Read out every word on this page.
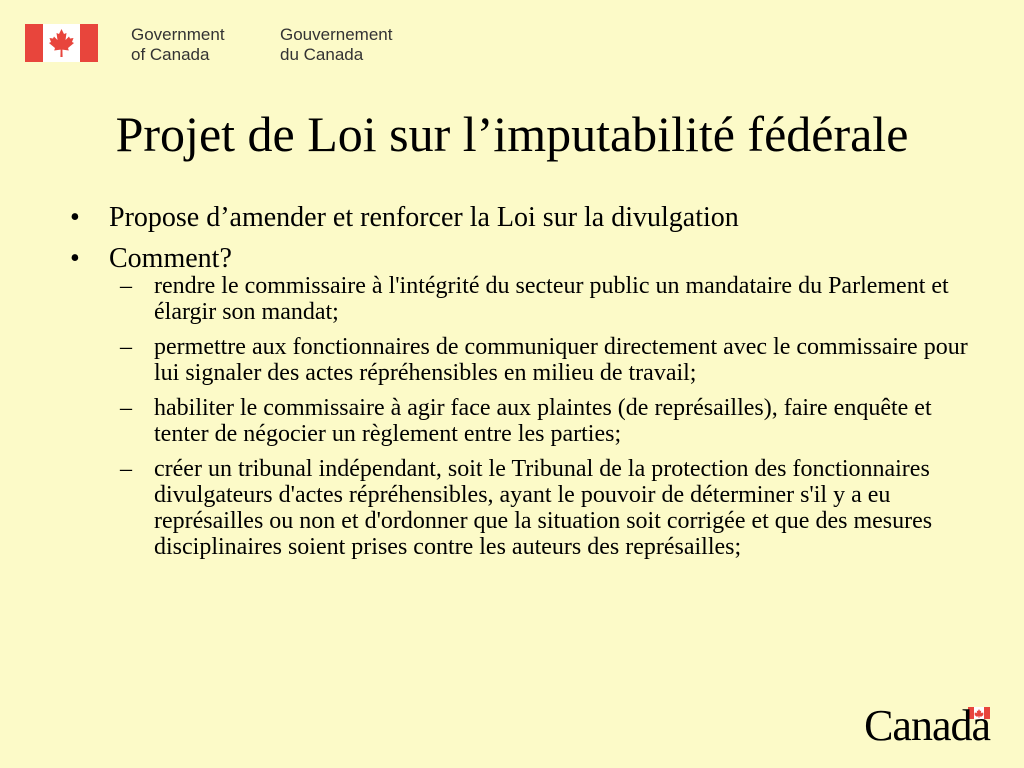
Government
of Canada
Gouvernement
du Canada
Projet de Loi sur l’imputabilité fédérale
•	Propose d’amender et renforcer la Loi sur la divulgation
•	Comment?
– rendre le commissaire à l'intégrité du secteur public un mandataire du Parlement et élargir son mandat;
– permettre aux fonctionnaires de communiquer directement avec le commissaire pour lui signaler des actes répréhensibles en milieu de travail;
– habiliter le commissaire à agir face aux plaintes (de représailles), faire enquête et tenter de négocier un règlement entre les parties;
– créer un tribunal indépendant, soit le Tribunal de la protection des fonctionnaires divulgateurs d'actes répréhensibles, ayant le pouvoir de déterminer s'il y a eu représailles ou non et d'ordonner que la situation soit corrigée et que des mesures disciplinaires soient prises contre les auteurs des représailles;
Canada
